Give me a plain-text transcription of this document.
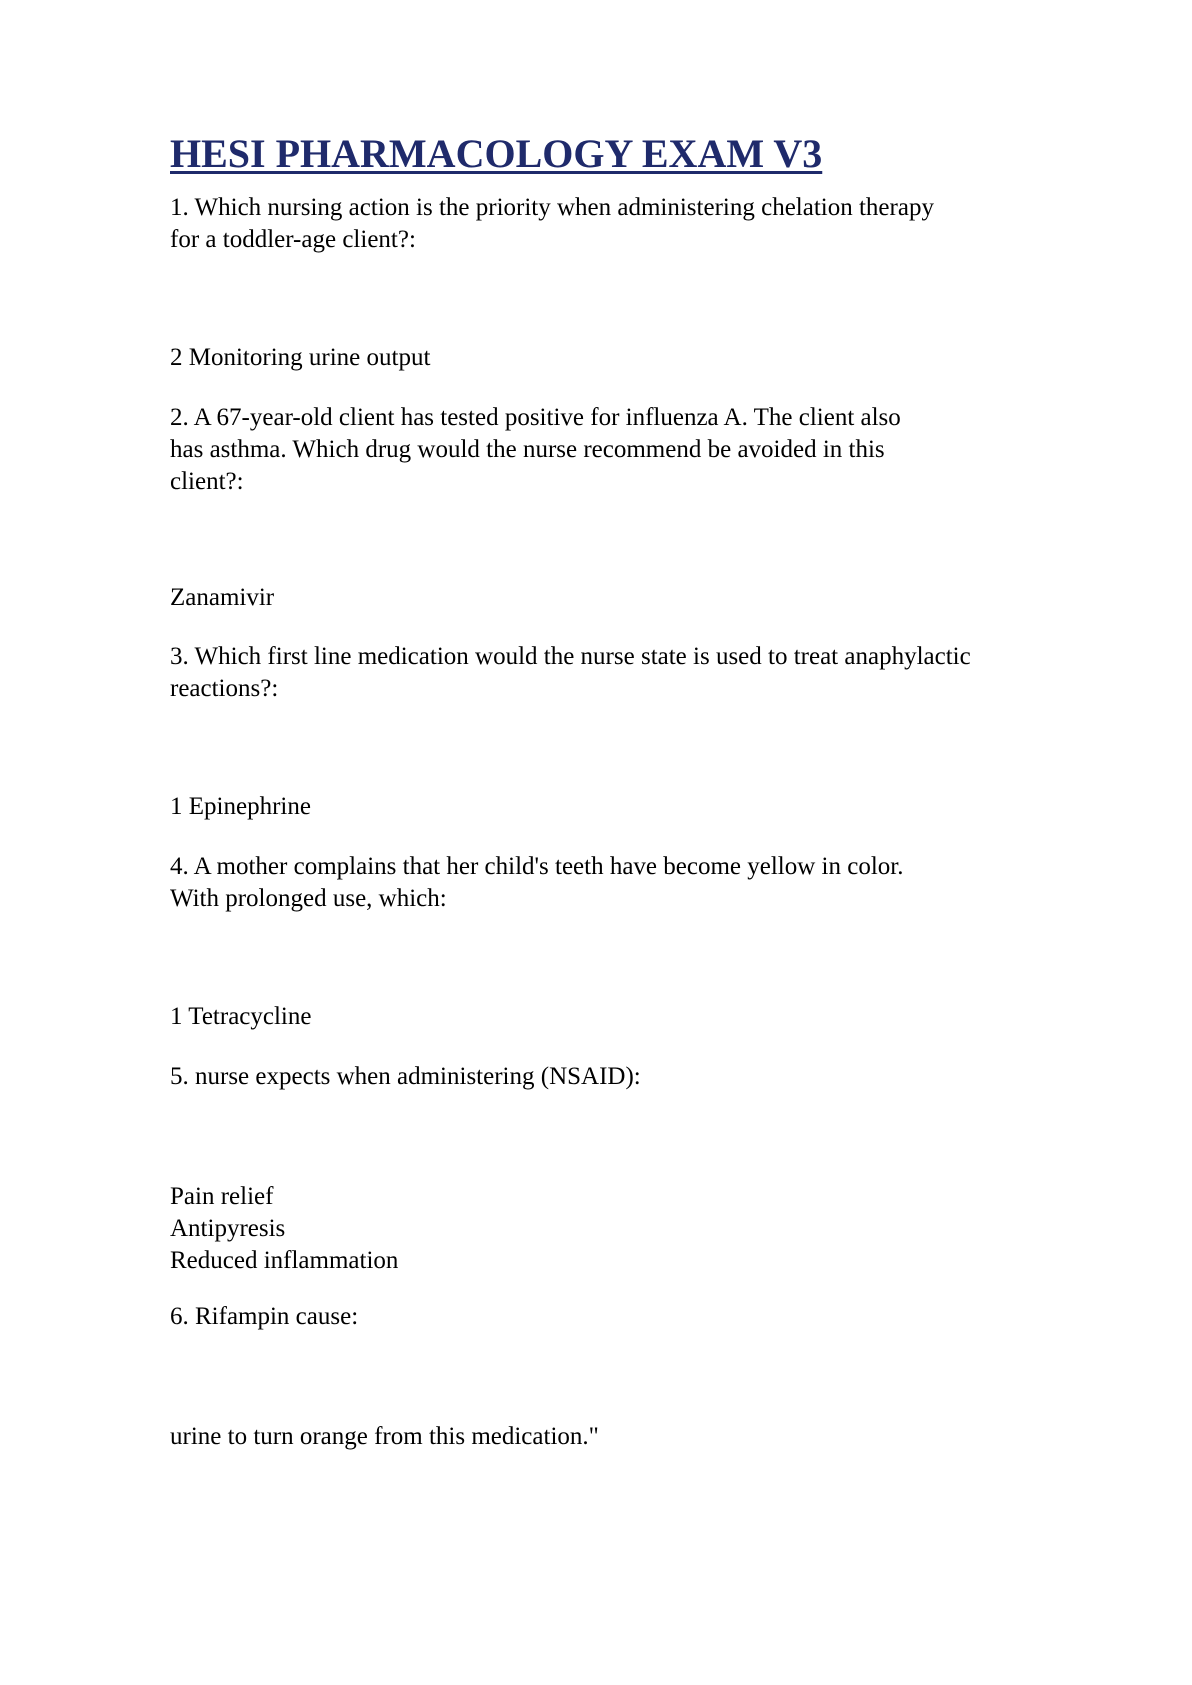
HESI PHARMACOLOGY EXAM V3
1. Which nursing action is the priority when administering chelation therapy
for a toddler-age client?:
2 Monitoring urine output
2. A 67-year-old client has tested positive for influenza A. The client also
has asthma. Which drug would the nurse recommend be avoided in this
client?:
Zanamivir
3. Which first line medication would the nurse state is used to treat anaphylactic
reactions?:
1 Epinephrine
4. A mother complains that her child's teeth have become yellow in color.
With prolonged use, which:
1 Tetracycline
5. nurse expects when administering (NSAID):
Pain relief
Antipyresis
Reduced inflammation
6. Rifampin cause:
urine to turn orange from this medication."
